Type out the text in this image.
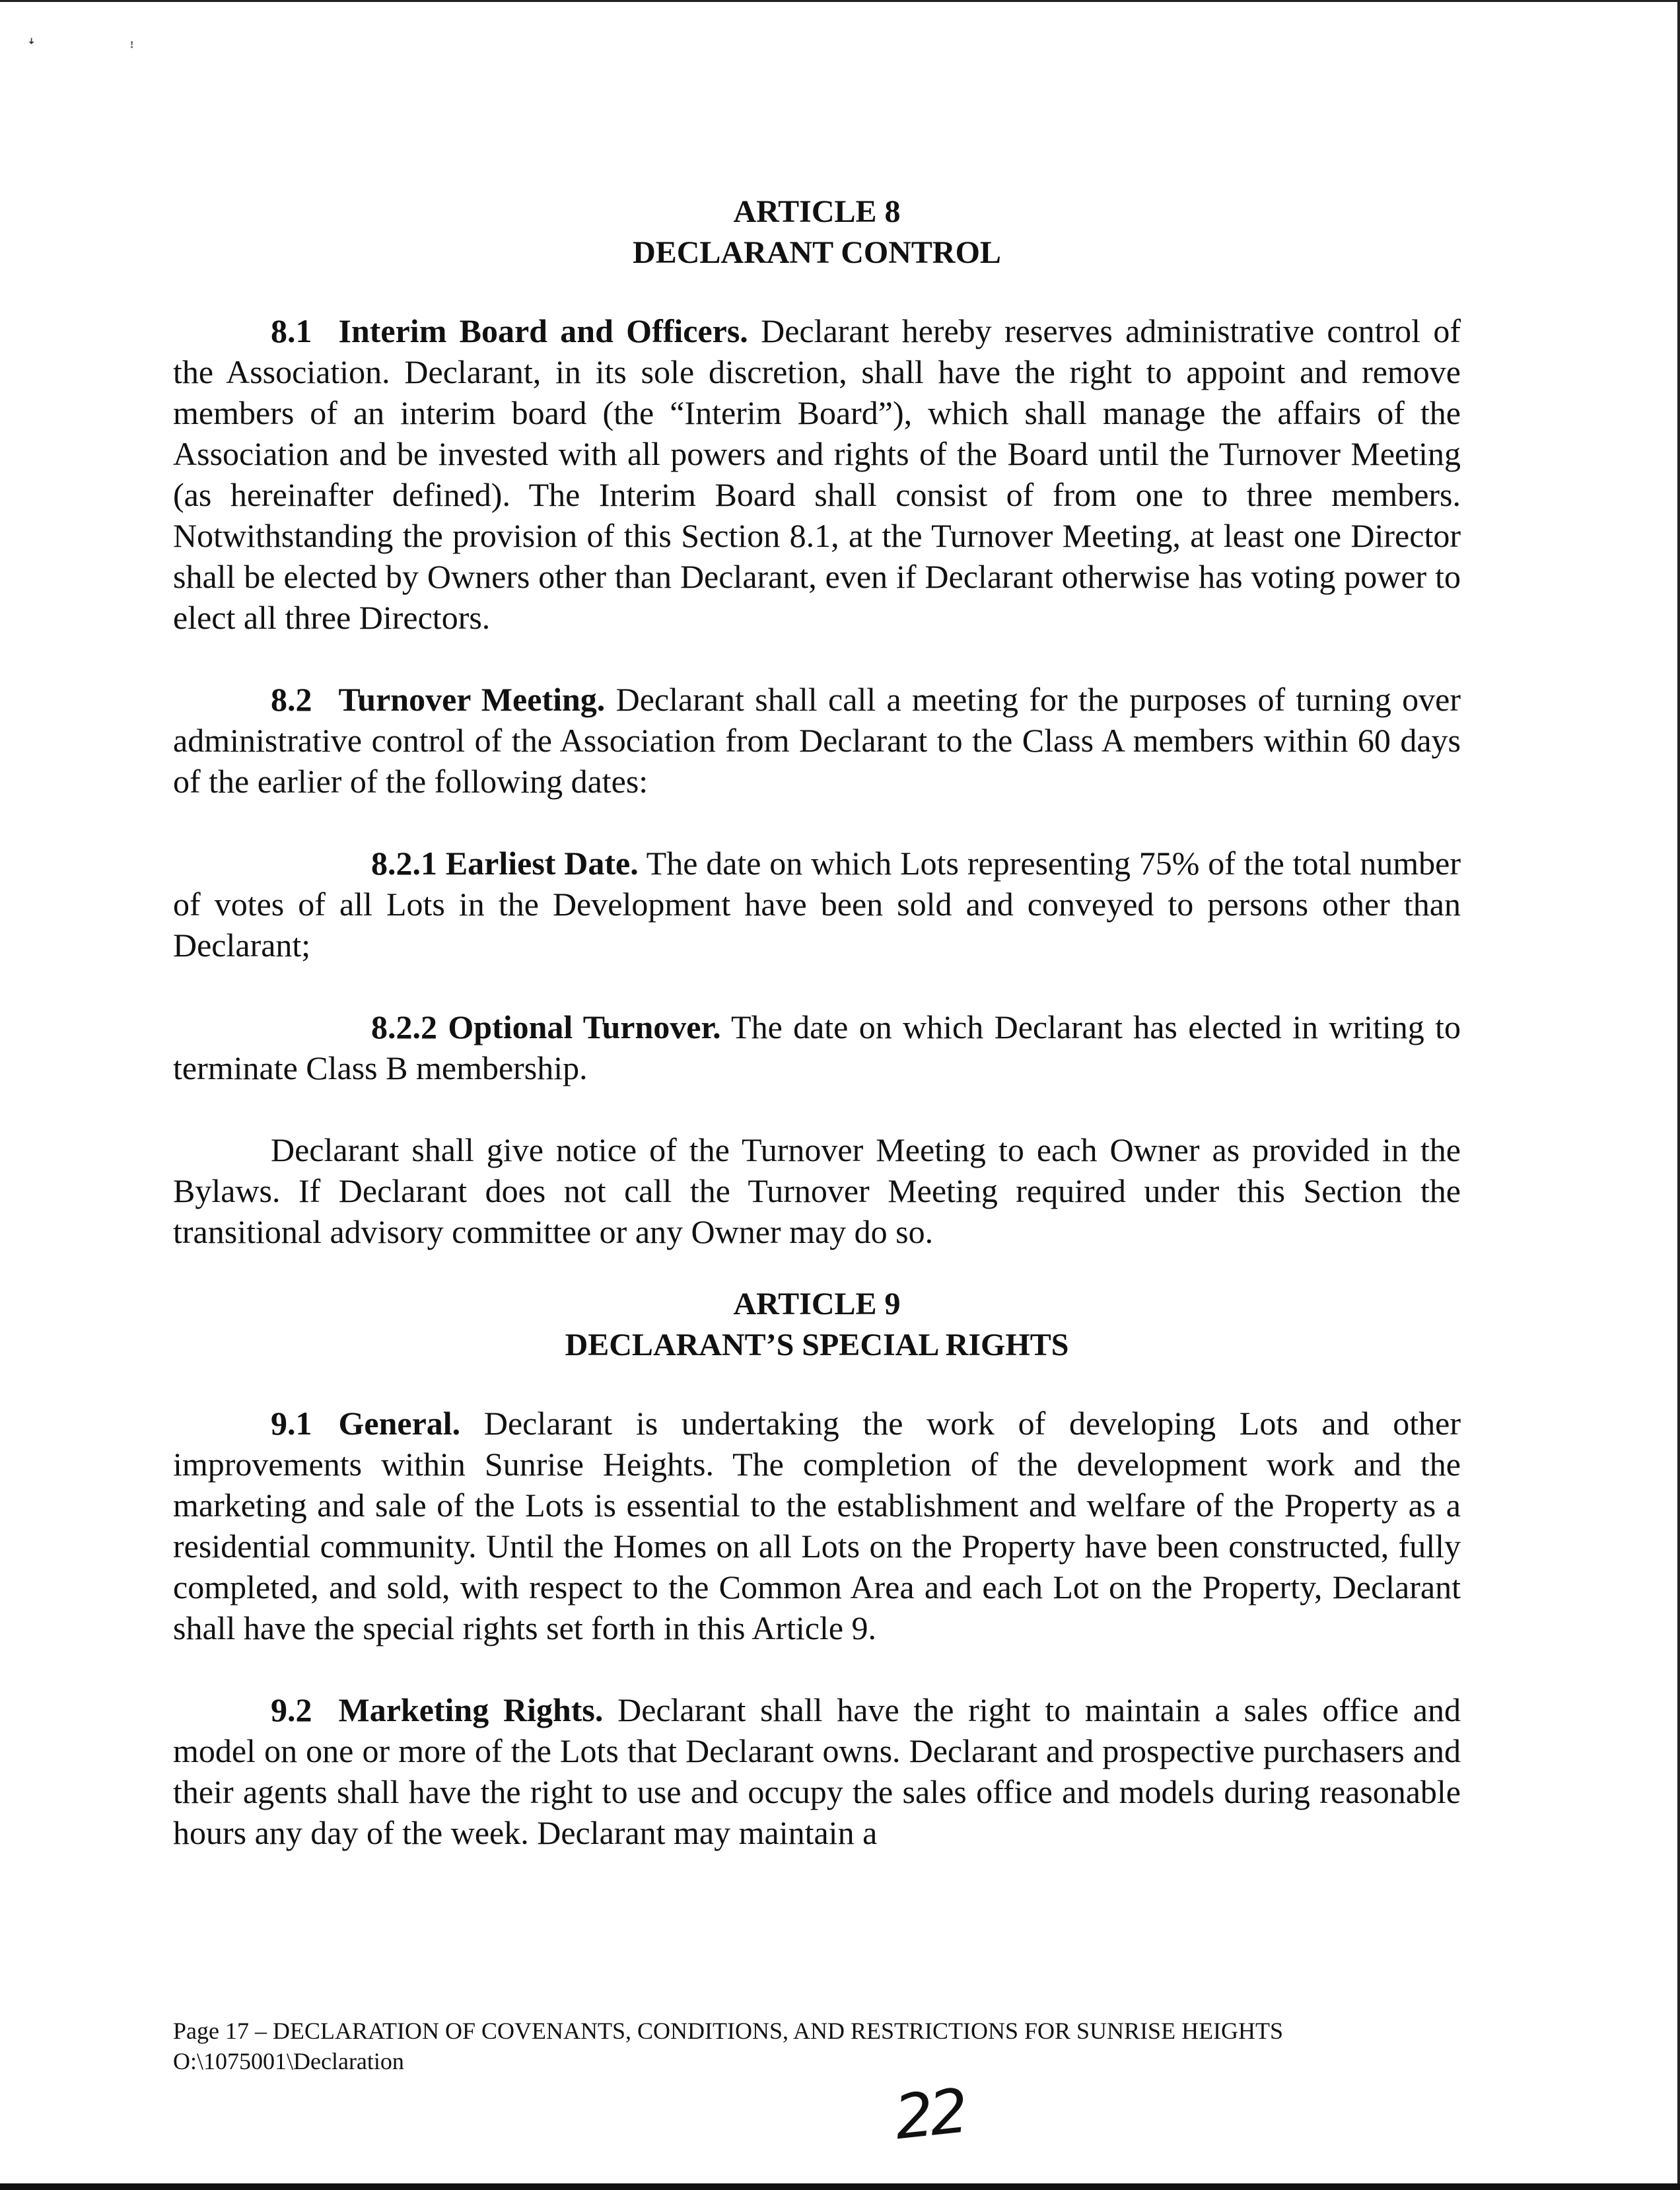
ꜜ	ꜝ

ARTICLE 8

DECLARANT CONTROL

8.1 Interim Board and Officers. Declarant hereby reserves administrative control of the Association. Declarant, in its sole discretion, shall have the right to appoint and remove members of an interim board (the “Interim Board”), which shall manage the affairs of the Association and be invested with all powers and rights of the Board until the Turnover Meeting (as hereinafter defined). The Interim Board shall consist of from one to three members. Notwithstanding the provision of this Section 8.1, at the Turnover Meeting, at least one Director shall be elected by Owners other than Declarant, even if Declarant otherwise has voting power to elect all three Directors.

8.2 Turnover Meeting. Declarant shall call a meeting for the purposes of turning over administrative control of the Association from Declarant to the Class A members within 60 days of the earlier of the following dates:

8.2.1 Earliest Date. The date on which Lots representing 75% of the total number of votes of all Lots in the Development have been sold and conveyed to persons other than Declarant;

8.2.2 Optional Turnover. The date on which Declarant has elected in writing to terminate Class B membership.

Declarant shall give notice of the Turnover Meeting to each Owner as provided in the Bylaws. If Declarant does not call the Turnover Meeting required under this Section the transitional advisory committee or any Owner may do so.

ARTICLE 9

DECLARANT’S SPECIAL RIGHTS

9.1 General. Declarant is undertaking the work of developing Lots and other improvements within Sunrise Heights. The completion of the development work and the marketing and sale of the Lots is essential to the establishment and welfare of the Property as a residential community. Until the Homes on all Lots on the Property have been constructed, fully completed, and sold, with respect to the Common Area and each Lot on the Property, Declarant shall have the special rights set forth in this Article 9.

9.2 Marketing Rights. Declarant shall have the right to maintain a sales office and model on one or more of the Lots that Declarant owns. Declarant and prospective purchasers and their agents shall have the right to use and occupy the sales office and models during reasonable hours any day of the week. Declarant may maintain a

Page 17 – DECLARATION OF COVENANTS, CONDITIONS, AND RESTRICTIONS FOR SUNRISE HEIGHTS
O:\1075001\Declaration
22
